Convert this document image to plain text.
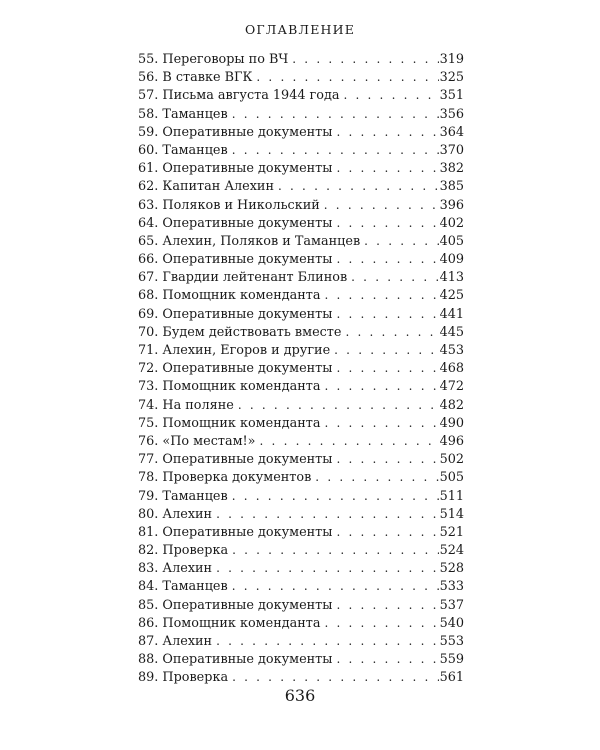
ОГЛАВЛЕНИЕ
55. Переговоры по ВЧ . . .	319
56. В ставке ВГК . . .	325
57. Письма августа 1944 года . . .	351
58. Таманцев . . .	356
59. Оперативные документы . . .	364
60. Таманцев . . .	370
61. Оперативные документы . . .	382
62. Капитан Алехин . . .	385
63. Поляков и Никольский . . .	396
64. Оперативные документы . . .	402
65. Алехин, Поляков и Таманцев . . .	405
66. Оперативные документы . . .	409
67. Гвардии лейтенант Блинов . . .	413
68. Помощник коменданта . . .	425
69. Оперативные документы . . .	441
70. Будем действовать вместе . . .	445
71. Алехин, Егоров и другие . . .	453
72. Оперативные документы . . .	468
73. Помощник коменданта . . .	472
74. На поляне . . .	482
75. Помощник коменданта . . .	490
76. «По местам!» . . .	496
77. Оперативные документы . . .	502
78. Проверка документов . . .	505
79. Таманцев . . .	511
80. Алехин . . .	514
81. Оперативные документы . . .	521
82. Проверка . . .	524
83. Алехин . . .	528
84. Таманцев . . .	533
85. Оперативные документы . . .	537
86. Помощник коменданта . . .	540
87. Алехин . . .	553
88. Оперативные документы . . .	559
89. Проверка . . .	561
636
